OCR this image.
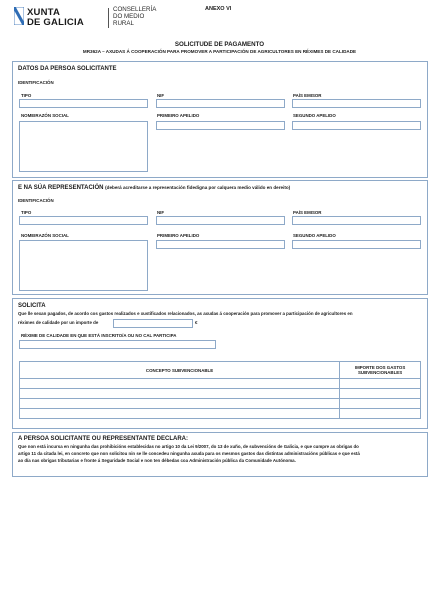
XUNTA
DE GALICIA
CONSELLERÍA
DO MEDIO
RURAL
ANEXO VI
SOLICITUDE DE PAGAMENTO
MR362A – AXUDAS Á COOPERACIÓN PARA PROMOVER A PARTICIPACIÓN DE AGRICULTORES EN RÉXIMES DE CALIDADE
DATOS DA PERSOA SOLICITANTE
IDENTIFICACIÓN
TIPO	NIF	PAÍS EMISOR
NOMEIRAZÓN SOCIAL	PRIMEIRO APELIDO	SEGUNDO APELIDO
E NA SÚA REPRESENTACIÓN (deberá acreditarse a representación fidedigna por calquera medio válido en dereito)
IDENTIFICACIÓN
TIPO	NIF	PAÍS EMISOR
NOMEIRAZÓN SOCIAL	PRIMEIRO APELIDO	SEGUNDO APELIDO
SOLICITA
Que lle sexan pagados, de acordo cos gastos realizados e xustificados relacionados, as axudas á cooperación para promover a participación de agricultores en
réximes de calidade por un importe de	€
RÉXIME DE CALIDADE EN QUE ESTÁ INSCRITO/A OU NO CAL PARTICIPA
CONCEPTO SUBVENCIONABLE	IMPORTE DOS GASTOS SUBVENCIONABLES

A PERSOA SOLICITANTE OU REPRESENTANTE DECLARA:
Que non está incursa en ningunha das prohibicións establecidas no artigo 10 da Lei 9/2007, do 13 de xuño, de subvencións de Galicia, e que cumpre as obrigas do
artigo 11 da citada lei, en concreto que non solicitou nin se lle concedeu ningunha axuda para os mesmos gastos das distintas administracións públicas e que está
ao día nas obrigas tributarias e fronte á Seguridade Social e non ten débedas coa Administración pública da Comunidade Autónoma.
